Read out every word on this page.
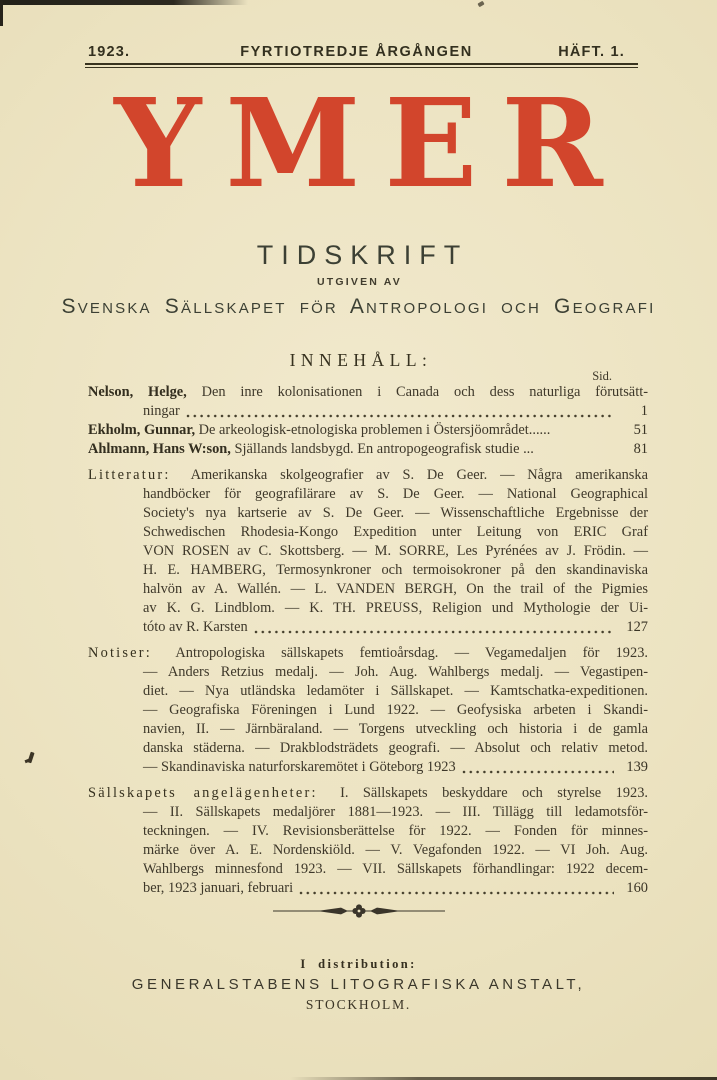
1923.	FYRTIOTREDJE ÅRGÅNGEN	HÄFT. 1.
YMER
TIDSKRIFT
UTGIVEN AV
Svenska Sällskapet för Antropologi och Geografi
INNEHÅLL:
Sid.
Nelson, Helge, Den inre kolonisationen i Canada och dess naturliga förutsätt-
ningar	1
Ekholm, Gunnar, De arkeologisk-etnologiska problemen i Östersjöområdet......	51
Ahlmann, Hans W:son, Själlands landsbygd. En antropogeografisk studie ...	81
Litteratur: Amerikanska skolgeografier av S. De Geer. — Några amerikanska
handböcker för geografilärare av S. De Geer. — National Geographical
Society's nya kartserie av S. De Geer. — Wissenschaftliche Ergebnisse der
Schwedischen Rhodesia-Kongo Expedition unter Leitung von ERIC Graf
VON ROSEN av C. Skottsberg. — M. SORRE, Les Pyrénées av J. Frödin. —
H. E. HAMBERG, Termosynkroner och termoisokroner på den skandinaviska
halvön av A. Wallén. — L. VANDEN BERGH, On the trail of the Pigmies
av K. G. Lindblom. — K. TH. PREUSS, Religion und Mythologie der Ui-
tóto av R. Karsten	127
Notiser: Antropologiska sällskapets femtioårsdag. — Vegamedaljen för 1923.
— Anders Retzius medalj. — Joh. Aug. Wahlbergs medalj. — Vegastipen-
diet. — Nya utländska ledamöter i Sällskapet. — Kamtschatka-expeditionen.
— Geografiska Föreningen i Lund 1922. — Geofysiska arbeten i Skandi-
navien, II. — Järnbäraland. — Torgens utveckling och historia i de gamla
danska städerna. — Drakblodsträdets geografi. — Absolut och relativ metod.
— Skandinaviska naturforskaremötet i Göteborg 1923	139
Sällskapets angelägenheter: I. Sällskapets beskyddare och styrelse 1923.
— II. Sällskapets medaljörer 1881—1923. — III. Tillägg till ledamotsför-
teckningen. — IV. Revisionsberättelse för 1922. — Fonden för minnes-
märke över A. E. Nordenskiöld. — V. Vegafonden 1922. — VI Joh. Aug.
Wahlbergs minnesfond 1923. — VII. Sällskapets förhandlingar: 1922 decem-
ber, 1923 januari, februari	160
I distribution:
GENERALSTABENS LITOGRAFISKA ANSTALT,
STOCKHOLM.
